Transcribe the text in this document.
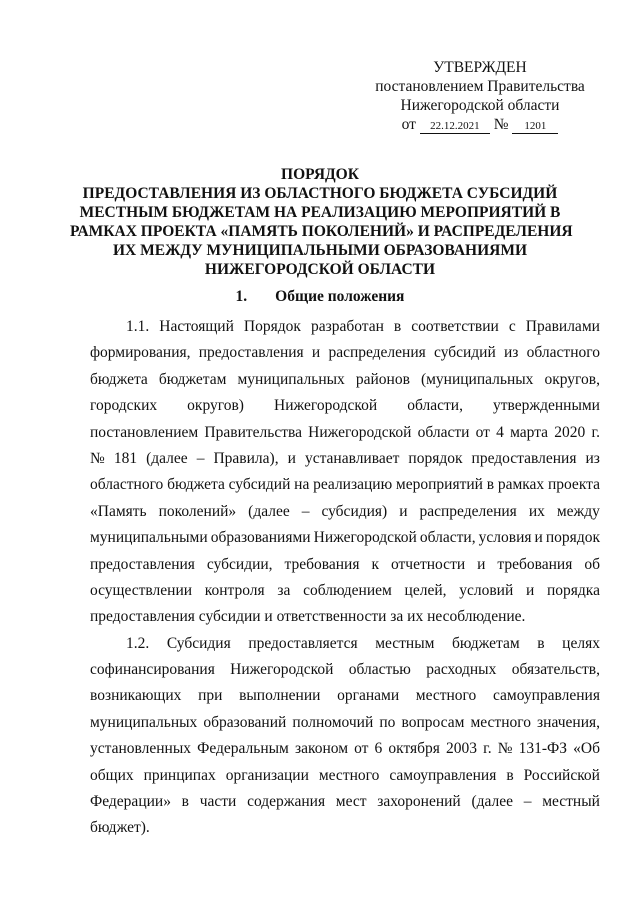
УТВЕРЖДЕН
постановлением Правительства
Нижегородской области
от 22.12.2021 № 1201
ПОРЯДОК
ПРЕДОСТАВЛЕНИЯ ИЗ ОБЛАСТНОГО БЮДЖЕТА СУБСИДИЙ
МЕСТНЫМ БЮДЖЕТАМ НА РЕАЛИЗАЦИЮ МЕРОПРИЯТИЙ В
РАМКАХ ПРОЕКТА «ПАМЯТЬ ПОКОЛЕНИЙ» И РАСПРЕДЕЛЕНИЯ
ИХ МЕЖДУ МУНИЦИПАЛЬНЫМИ ОБРАЗОВАНИЯМИ
НИЖЕГОРОДСКОЙ ОБЛАСТИ
1. Общие положения
1.1. Настоящий Порядок разработан в соответствии с Правилами
формирования, предоставления и распределения субсидий из областного
бюджета бюджетам муниципальных районов (муниципальных округов,
городских округов) Нижегородской области, утвержденными
постановлением Правительства Нижегородской области от 4 марта 2020 г.
№ 181 (далее – Правила), и устанавливает порядок предоставления из
областного бюджета субсидий на реализацию мероприятий в рамках проекта
«Память поколений» (далее – субсидия) и распределения их между
муниципальными образованиями Нижегородской области, условия и порядок
предоставления субсидии, требования к отчетности и требования об
осуществлении контроля за соблюдением целей, условий и порядка
предоставления субсидии и ответственности за их несоблюдение.
1.2. Субсидия предоставляется местным бюджетам в целях
софинансирования Нижегородской областью расходных обязательств,
возникающих при выполнении органами местного самоуправления
муниципальных образований полномочий по вопросам местного значения,
установленных Федеральным законом от 6 октября 2003 г. № 131-ФЗ «Об
общих принципах организации местного самоуправления в Российской
Федерации» в части содержания мест захоронений (далее – местный
бюджет).
